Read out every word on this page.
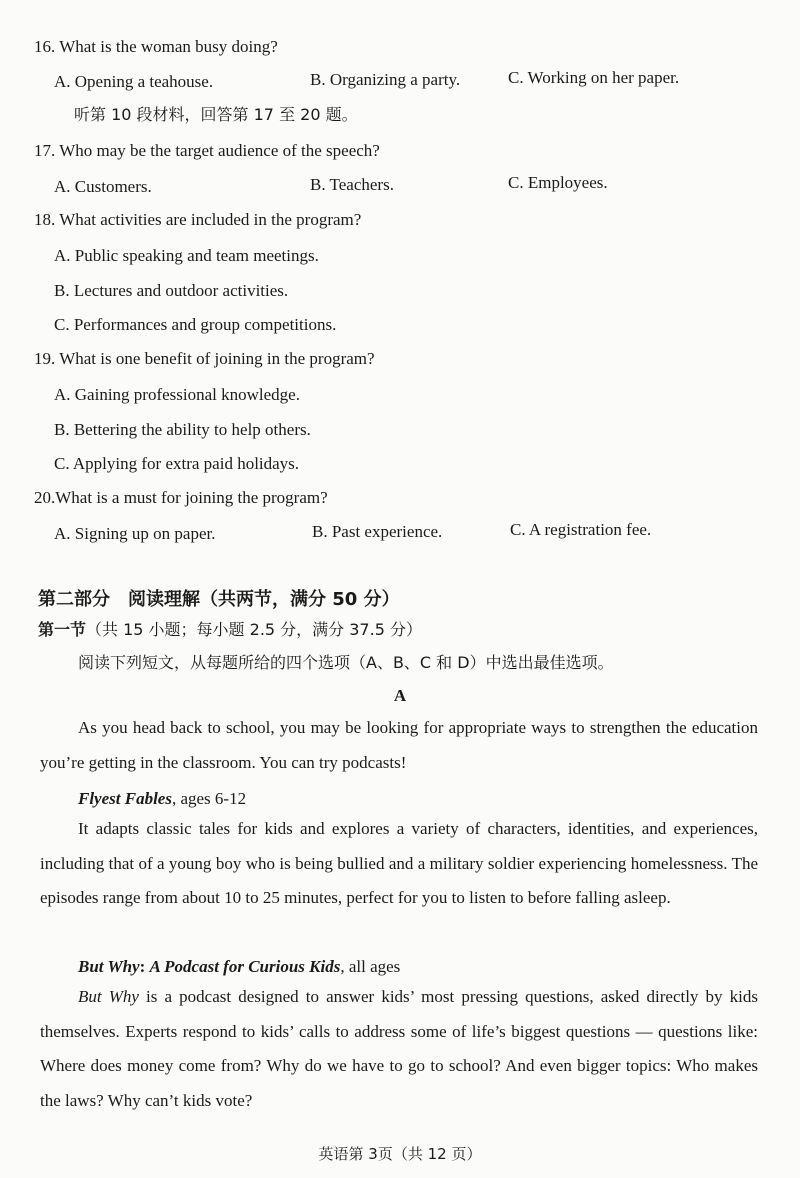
16. What is the woman busy doing?
A. Opening a teahouse.	B. Organizing a party.	C. Working on her paper.
听第 10 段材料，回答第 17 至 20 题。
17. Who may be the target audience of the speech?
A. Customers.	B. Teachers.	C. Employees.
18. What activities are included in the program?
A. Public speaking and team meetings.
B. Lectures and outdoor activities.
C. Performances and group competitions.
19. What is one benefit of joining in the program?
A. Gaining professional knowledge.
B. Bettering the ability to help others.
C. Applying for extra paid holidays.
20.What is a must for joining the program?
A. Signing up on paper.	B. Past experience.	C. A registration fee.
第二部分　阅读理解（共两节，满分 50 分）
第一节（共 15 小题；每小题 2.5 分，满分 37.5 分）
阅读下列短文，从每题所给的四个选项（A、B、C 和 D）中选出最佳选项。
A
As you head back to school, you may be looking for appropriate ways to strengthen the education you’re getting in the classroom. You can try podcasts!
Flyest Fables, ages 6-12
It adapts classic tales for kids and explores a variety of characters, identities, and experiences, including that of a young boy who is being bullied and a military soldier experiencing homelessness. The episodes range from about 10 to 25 minutes, perfect for you to listen to before falling asleep.
But Why: A Podcast for Curious Kids, all ages
But Why is a podcast designed to answer kids’ most pressing questions, asked directly by kids themselves. Experts respond to kids’ calls to address some of life’s biggest questions — questions like: Where does money come from? Why do we have to go to school? And even bigger topics: Who makes the laws? Why can’t kids vote?
英语第 3页（共 12 页）
